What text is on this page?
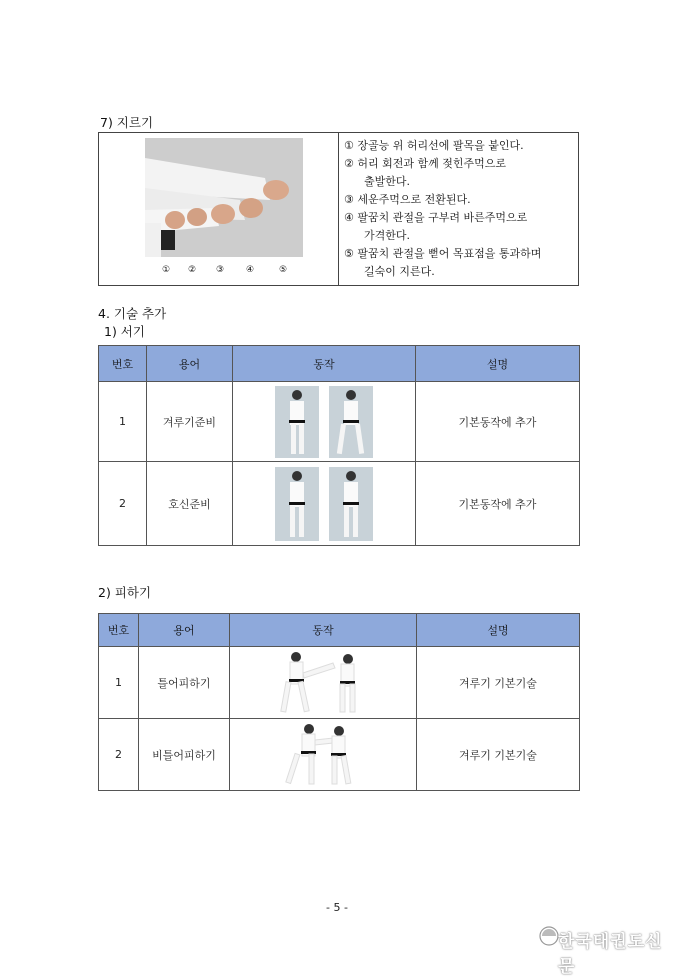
7) 지르기
① ② ③ ④	⑤
① 장골능 위 허리선에 팔목을 붙인다.
② 허리 회전과 함께 젖힌주먹으로
출발한다.
③ 세운주먹으로 전환된다.
④ 팔꿈치 관절을 구부려 바른주먹으로
가격한다.
⑤ 팔꿈치 관절을 뻗어 목표점을 통과하며
길숙이 지른다.
4. 기술 추가
1) 서기
번호	용어	동작	설명
1	겨루기준비		기본동작에 추가
2	호신준비		기본동작에 추가
2) 피하기
번호	용어	동작	설명
1	틀어피하기		겨루기 기본기술
2	비틀어피하기		겨루기 기본기술
- 5 -
한국태권도신문
